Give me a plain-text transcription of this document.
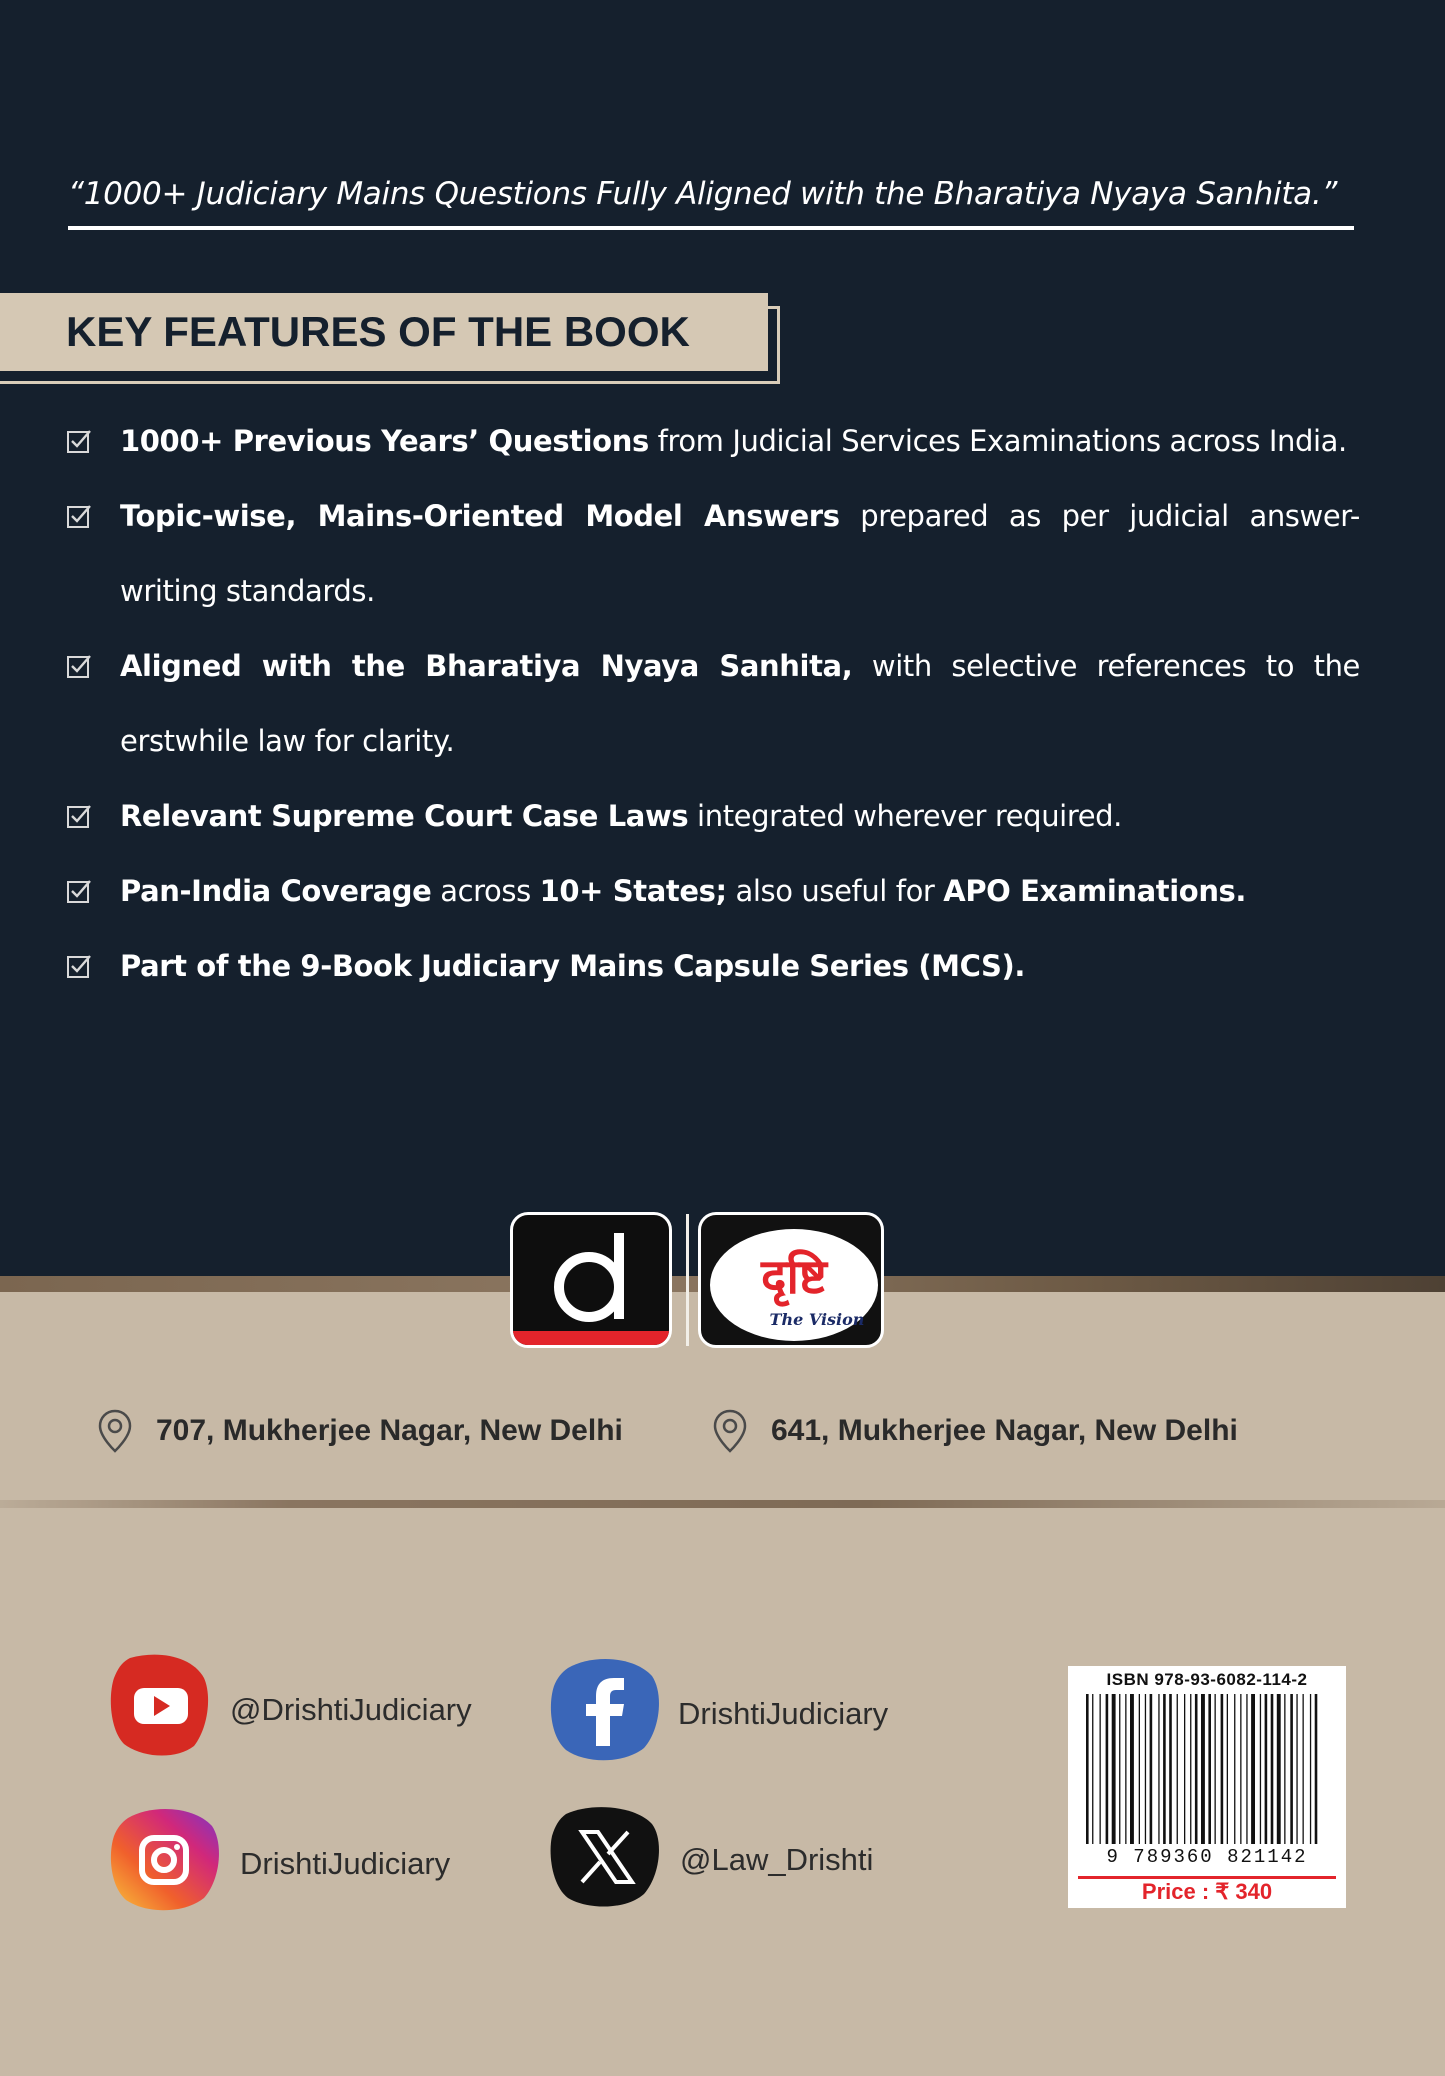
“1000+ Judiciary Mains Questions Fully Aligned with the Bharatiya Nyaya Sanhita.”
KEY FEATURES OF THE BOOK
1000+ Previous Years’ Questions from Judicial Services Examinations across India.
Topic-wise, Mains-Oriented Model Answers prepared as per judicial answer-writing standards.
Aligned with the Bharatiya Nyaya Sanhita, with selective references to the erstwhile law for clarity.
Relevant Supreme Court Case Laws integrated wherever required.
Pan-India Coverage across 10+ States; also useful for APO Examinations.
Part of the 9-Book Judiciary Mains Capsule Series (MCS).
दृष्टि
The Vision
707, Mukherjee Nagar, New Delhi	641, Mukherjee Nagar, New Delhi
@DrishtiJudiciary	DrishtiJudiciary
DrishtiJudiciary	@Law_Drishti
ISBN 978-93-6082-114-2
9 789360 821142
Price : ₹ 340
